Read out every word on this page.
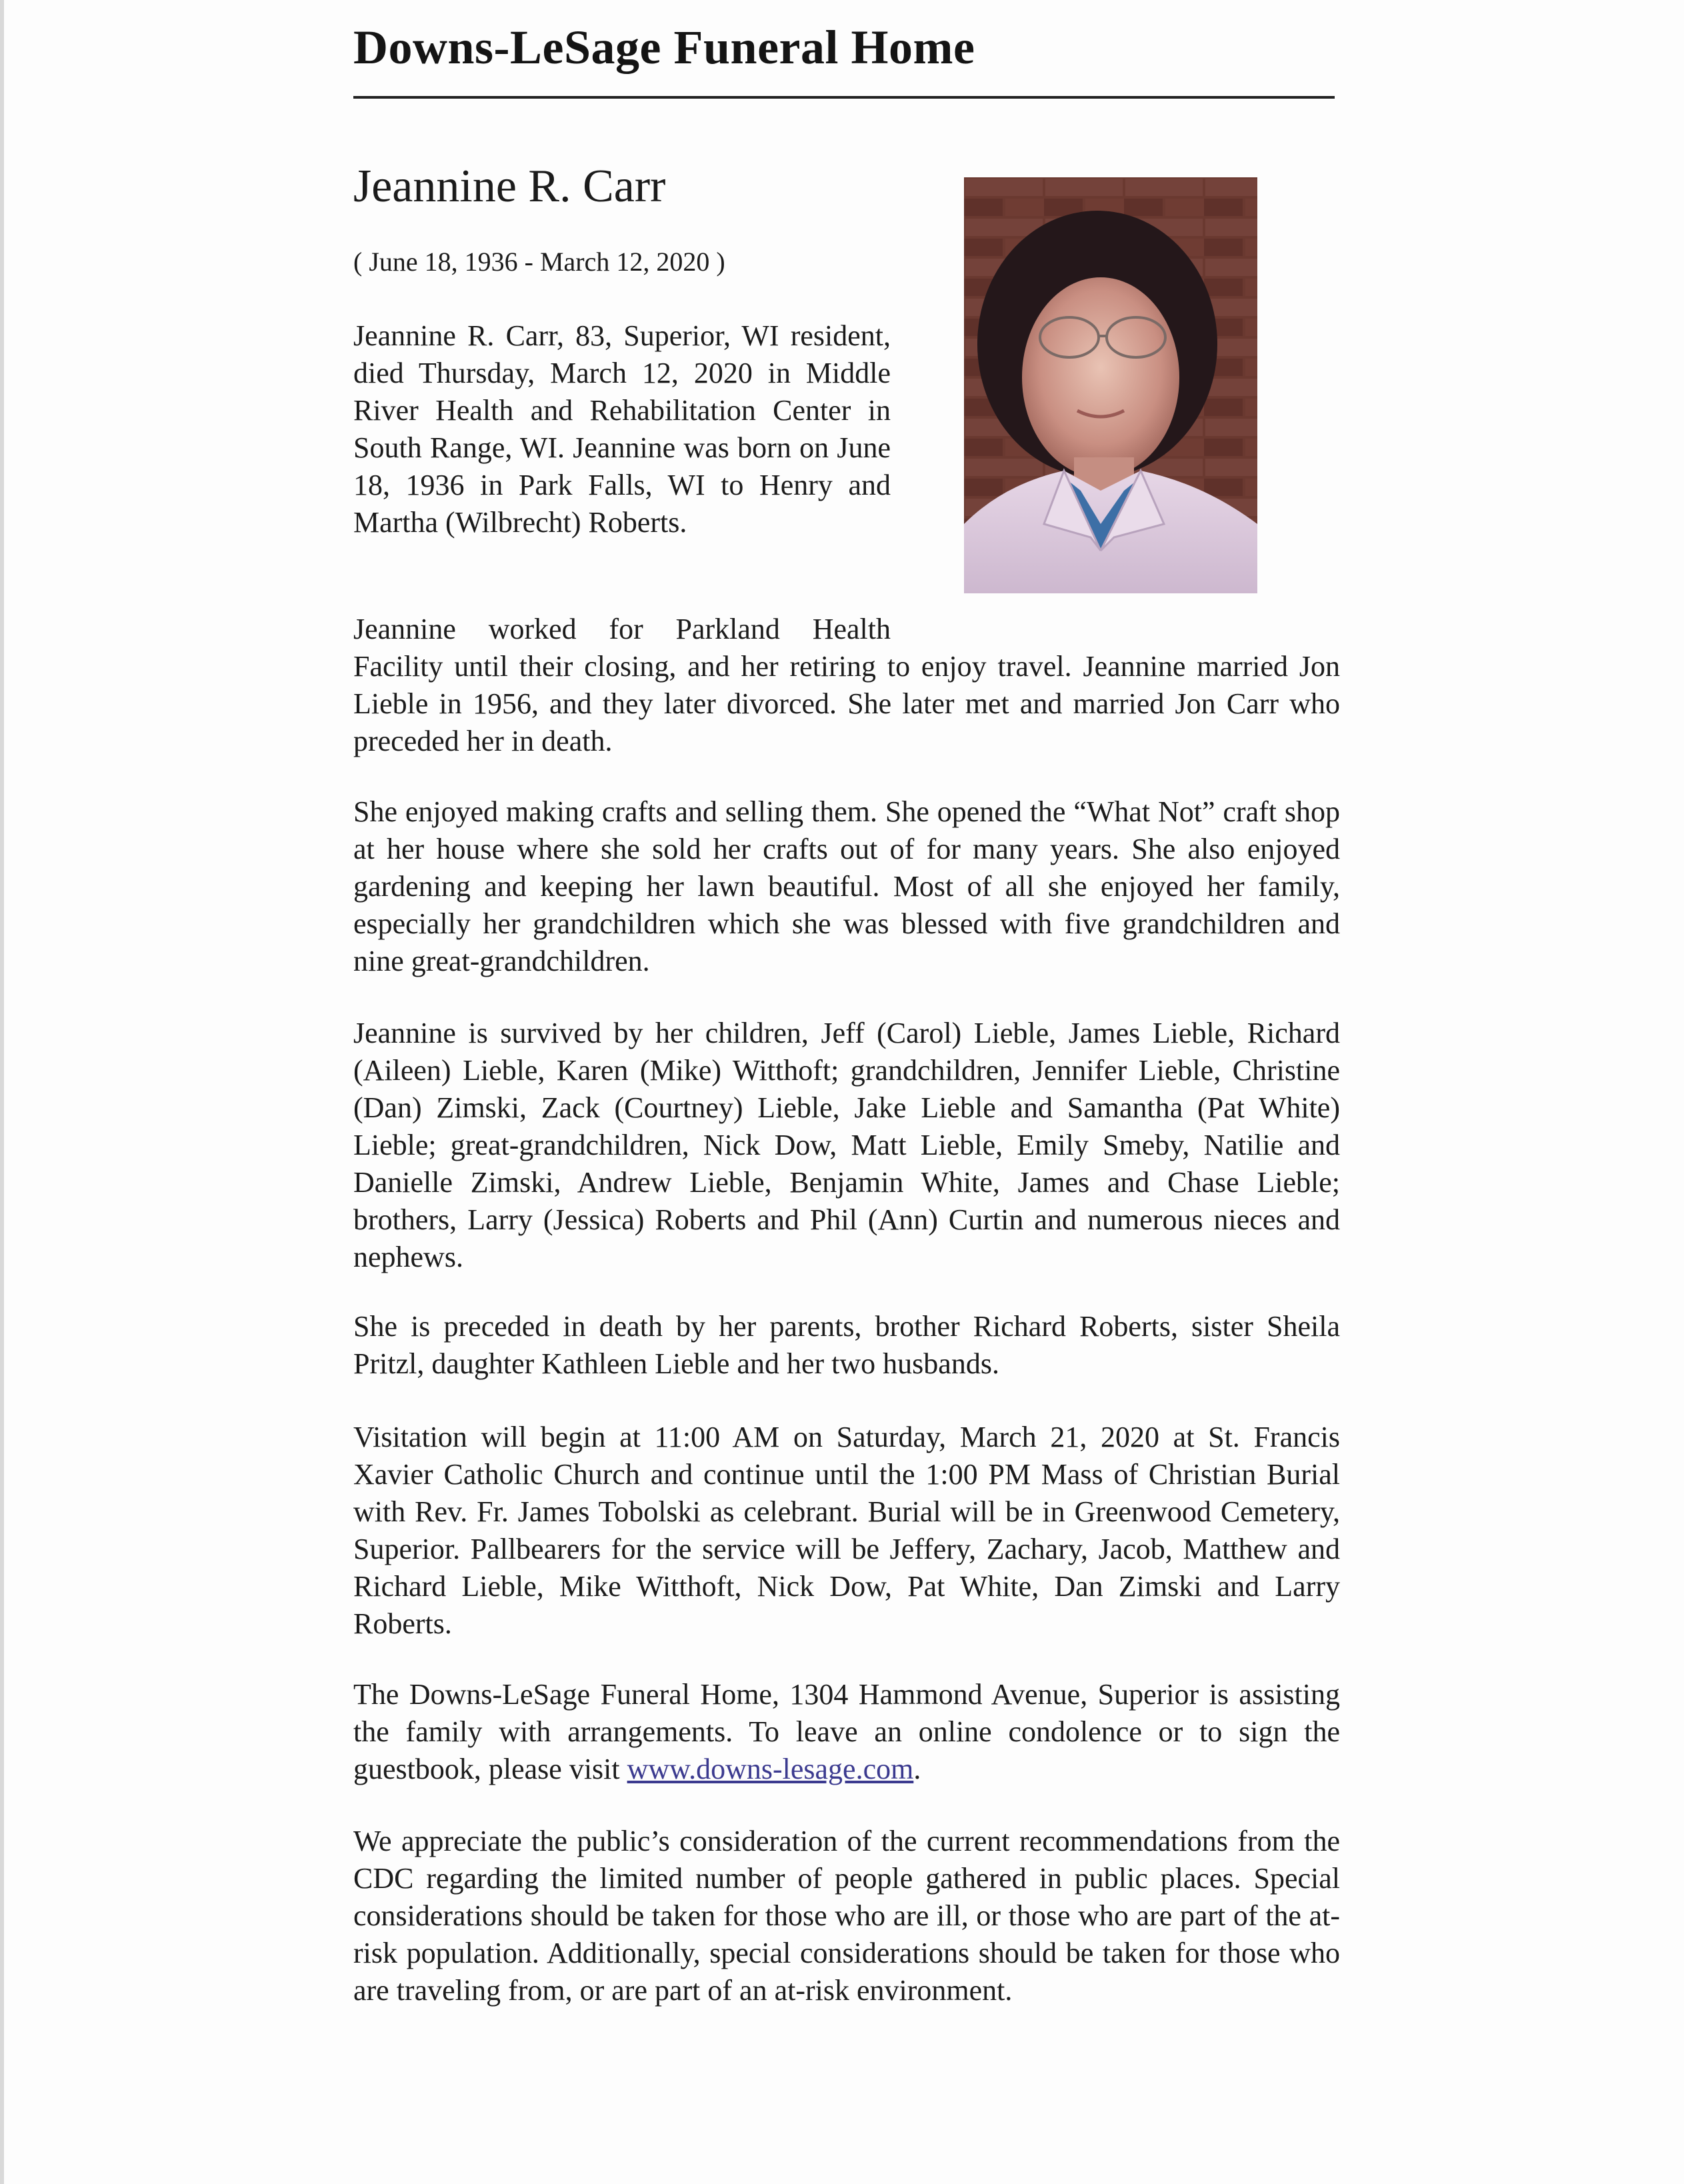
Downs-LeSage Funeral Home
Jeannine R. Carr
( June 18, 1936 - March 12, 2020 )

Jeannine R. Carr, 83, Superior, WI resident, died Thursday, March 12, 2020 in Middle River Health and Rehabilitation Center in South Range, WI. Jeannine was born on June 18, 1936 in Park Falls, WI to Henry and Martha (Wilbrecht) Roberts.

Jeannine worked for Parkland Health
Facility until their closing, and her retiring to enjoy travel. Jeannine married Jon Lieble in 1956, and they later divorced. She later met and married Jon Carr who preceded her in death.

She enjoyed making crafts and selling them. She opened the “What Not” craft shop at her house where she sold her crafts out of for many years. She also enjoyed gardening and keeping her lawn beautiful. Most of all she enjoyed her family, especially her grandchildren which she was blessed with five grandchildren and nine great-grandchildren.

Jeannine is survived by her children, Jeff (Carol) Lieble, James Lieble, Richard (Aileen) Lieble, Karen (Mike) Witthoft; grandchildren, Jennifer Lieble, Christine (Dan) Zimski, Zack (Courtney) Lieble, Jake Lieble and Samantha (Pat White) Lieble; great-grandchildren, Nick Dow, Matt Lieble, Emily Smeby, Natilie and Danielle Zimski, Andrew Lieble, Benjamin White, James and Chase Lieble; brothers, Larry (Jessica) Roberts and Phil (Ann) Curtin and numerous nieces and nephews.

She is preceded in death by her parents, brother Richard Roberts, sister Sheila Pritzl, daughter Kathleen Lieble and her two husbands.

Visitation will begin at 11:00 AM on Saturday, March 21, 2020 at St. Francis Xavier Catholic Church and continue until the 1:00 PM Mass of Christian Burial with Rev. Fr. James Tobolski as celebrant. Burial will be in Greenwood Cemetery, Superior. Pallbearers for the service will be Jeffery, Zachary, Jacob, Matthew and Richard Lieble, Mike Witthoft, Nick Dow, Pat White, Dan Zimski and Larry Roberts.

The Downs-LeSage Funeral Home, 1304 Hammond Avenue, Superior is assisting the family with arrangements. To leave an online condolence or to sign the guestbook, please visit www.downs-lesage.com.

We appreciate the public’s consideration of the current recommendations from the CDC regarding the limited number of people gathered in public places. Special considerations should be taken for those who are ill, or those who are part of the at-risk population. Additionally, special considerations should be taken for those who are traveling from, or are part of an at-risk environment.
